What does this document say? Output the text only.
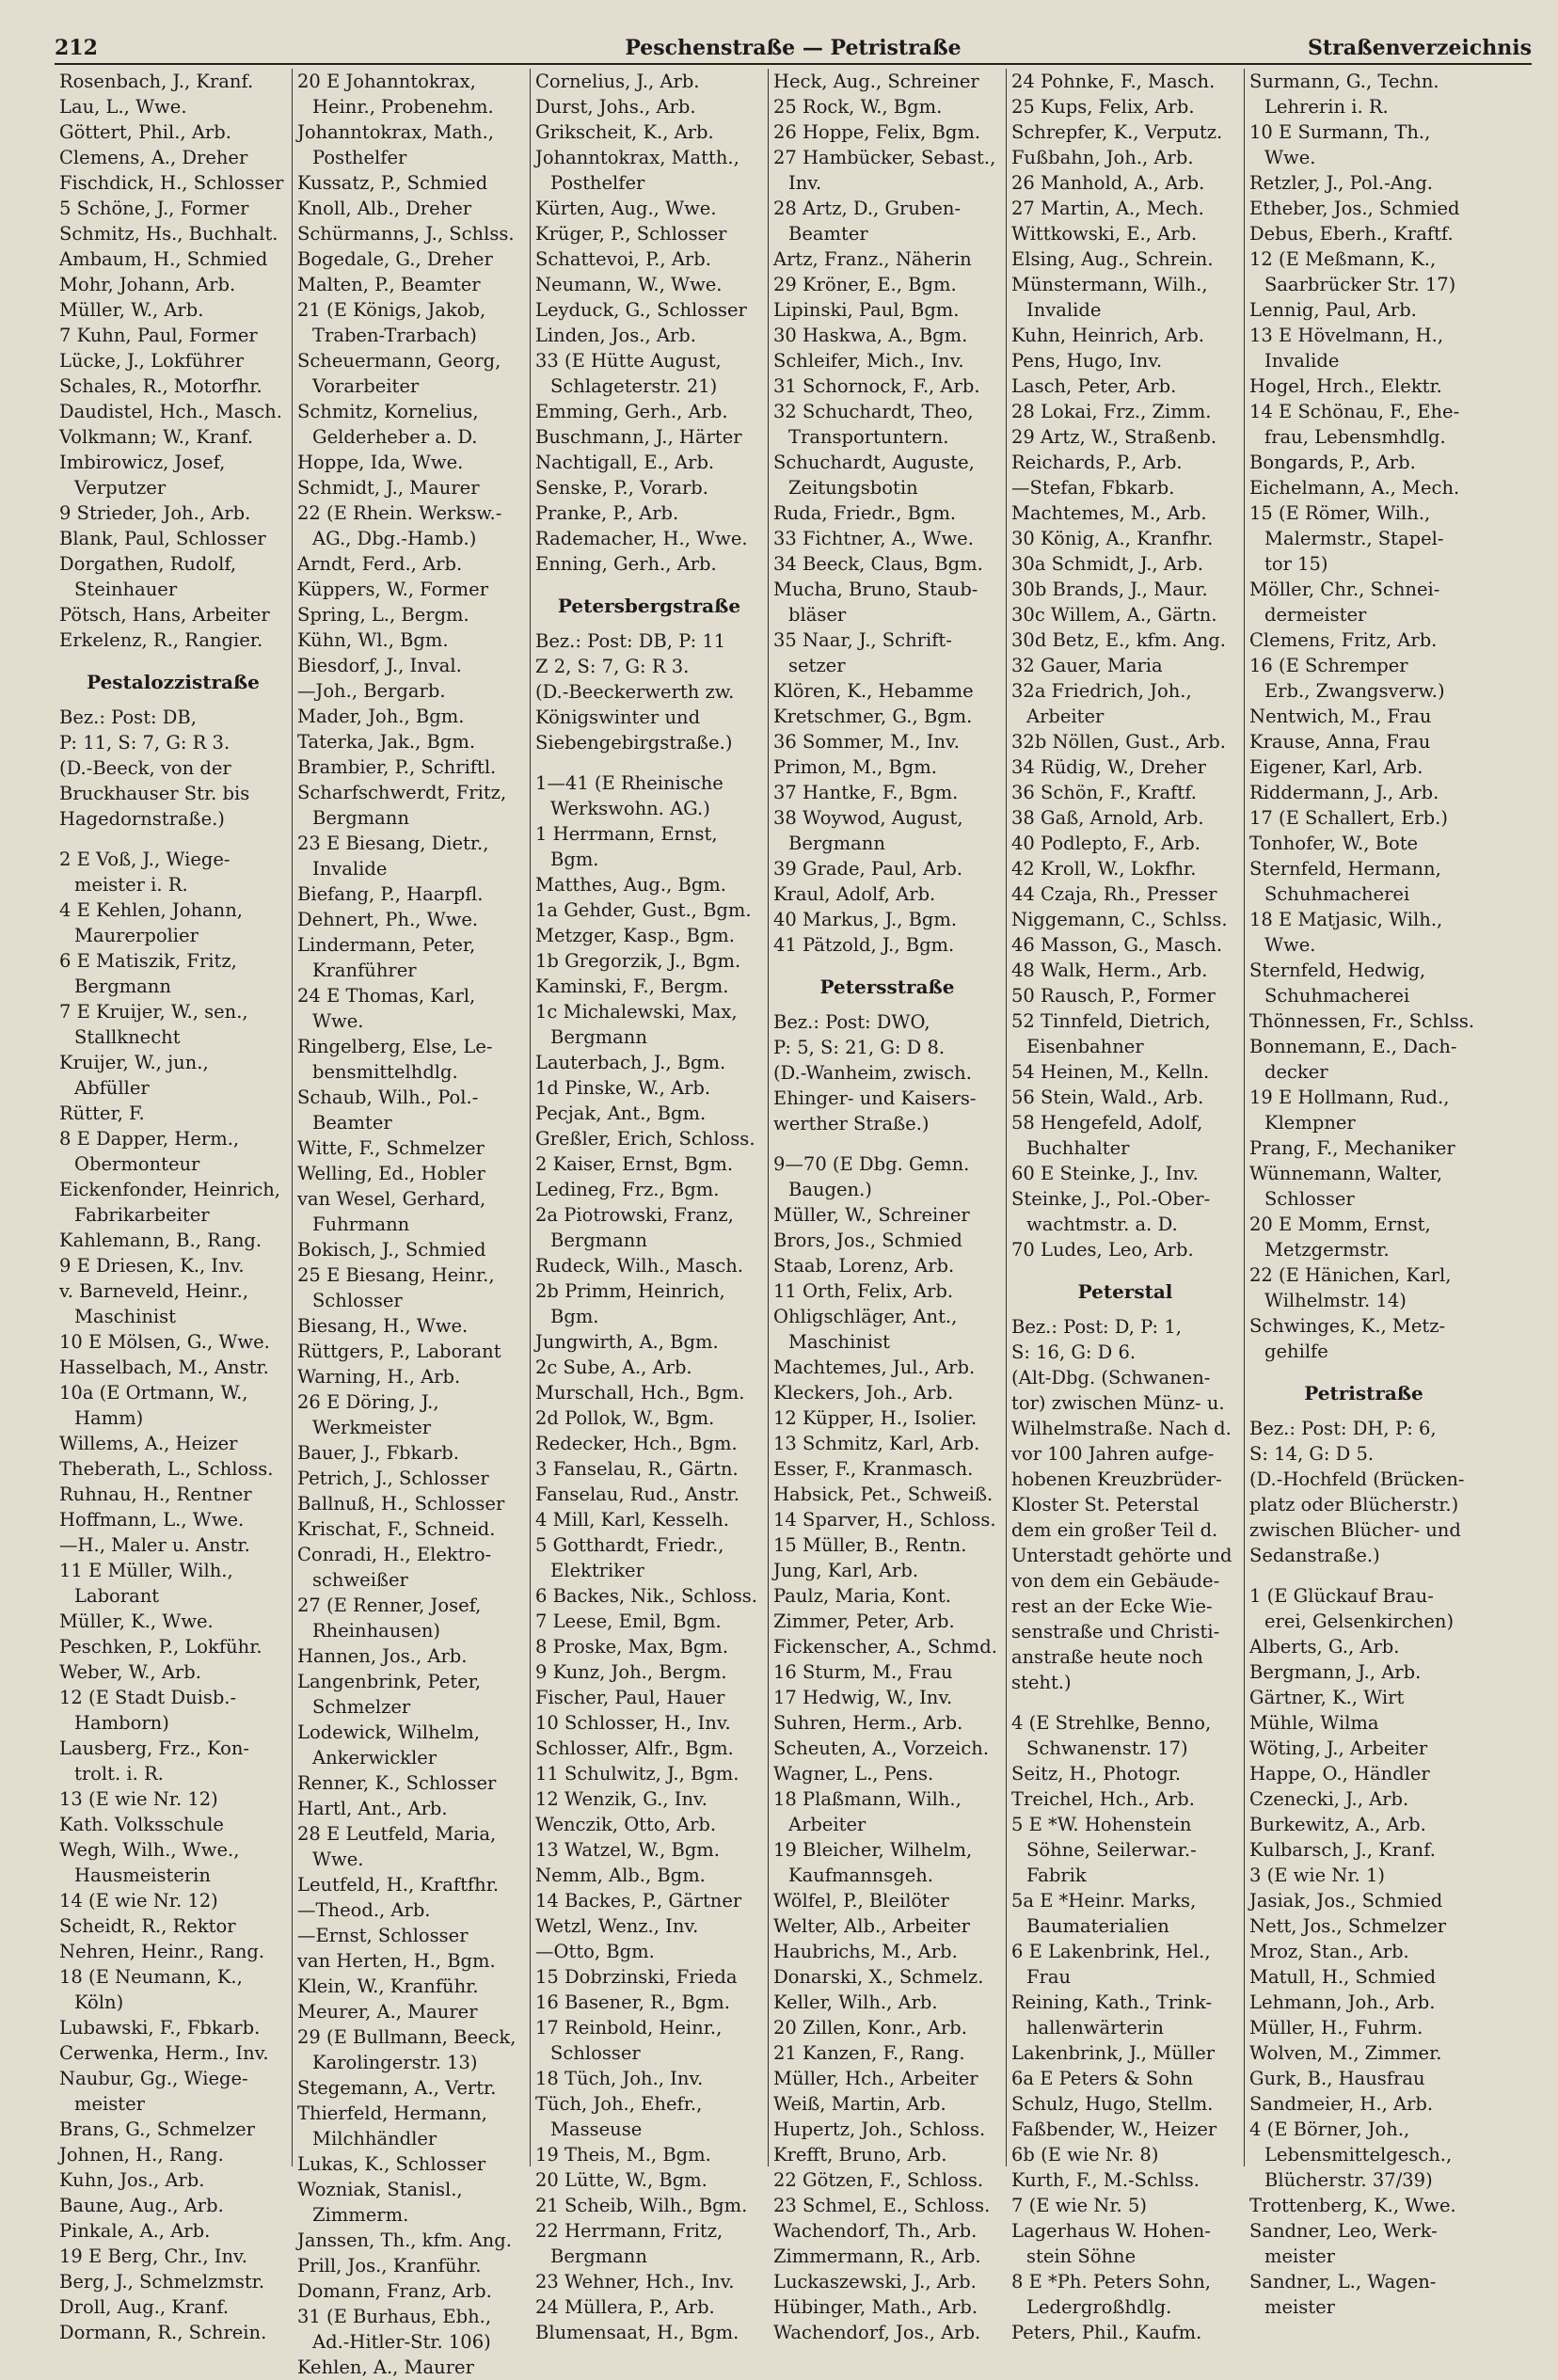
212	Peschenstraße — Petristraße	Straßenverzeichnis
Rosenbach, J., Kranf.
Lau, L., Wwe.
Göttert, Phil., Arb.
Clemens, A., Dreher
Fischdick, H., Schlosser
5 Schöne, J., Former
Schmitz, Hs., Buchhalt.
Ambaum, H., Schmied
Mohr, Johann, Arb.
Müller, W., Arb.
7 Kuhn, Paul, Former
Lücke, J., Lokführer
Schales, R., Motorfhr.
Daudistel, Hch., Masch.
Volkmann; W., Kranf.
Imbirowicz, Josef,
Verputzer
9 Strieder, Joh., Arb.
Blank, Paul, Schlosser
Dorgathen, Rudolf,
Steinhauer
Pötsch, Hans, Arbeiter
Erkelenz, R., Rangier.
Pestalozzistraße
Bez.: Post: DB,
P: 11, S: 7, G: R 3.
(D.-Beeck, von der
Bruckhauser Str. bis
Hagedornstraße.)
2 E Voß, J., Wiege-
meister i. R.
4 E Kehlen, Johann,
Maurerpolier
6 E Matiszik, Fritz,
Bergmann
7 E Kruijer, W., sen.,
Stallknecht
Kruijer, W., jun.,
Abfüller
Rütter, F.
8 E Dapper, Herm.,
Obermonteur
Eickenfonder, Heinrich,
Fabrikarbeiter
Kahlemann, B., Rang.
9 E Driesen, K., Inv.
v. Barneveld, Heinr.,
Maschinist
10 E Mölsen, G., Wwe.
Hasselbach, M., Anstr.
10a (E Ortmann, W.,
Hamm)
Willems, A., Heizer
Theberath, L., Schloss.
Ruhnau, H., Rentner
Hoffmann, L., Wwe.
—H., Maler u. Anstr.
11 E Müller, Wilh.,
Laborant
Müller, K., Wwe.
Peschken, P., Lokführ.
Weber, W., Arb.
12 (E Stadt Duisb.-
Hamborn)
Lausberg, Frz., Kon-
trolt. i. R.
13 (E wie Nr. 12)
Kath. Volksschule
Wegh, Wilh., Wwe.,
Hausmeisterin
14 (E wie Nr. 12)
Scheidt, R., Rektor
Nehren, Heinr., Rang.
18 (E Neumann, K.,
Köln)
Lubawski, F., Fbkarb.
Cerwenka, Herm., Inv.
Naubur, Gg., Wiege-
meister
Brans, G., Schmelzer
Johnen, H., Rang.
Kuhn, Jos., Arb.
Baune, Aug., Arb.
Pinkale, A., Arb.
19 E Berg, Chr., Inv.
Berg, J., Schmelzmstr.
Droll, Aug., Kranf.
Dormann, R., Schrein.
20 E Johanntokrax,
Heinr., Probenehm.
Johanntokrax, Math.,
Posthelfer
Kussatz, P., Schmied
Knoll, Alb., Dreher
Schürmanns, J., Schlss.
Bogedale, G., Dreher
Malten, P., Beamter
21 (E Königs, Jakob,
Traben-Trarbach)
Scheuermann, Georg,
Vorarbeiter
Schmitz, Kornelius,
Gelderheber a. D.
Hoppe, Ida, Wwe.
Schmidt, J., Maurer
22 (E Rhein. Werksw.-
AG., Dbg.-Hamb.)
Arndt, Ferd., Arb.
Küppers, W., Former
Spring, L., Bergm.
Kühn, Wl., Bgm.
Biesdorf, J., Inval.
—Joh., Bergarb.
Mader, Joh., Bgm.
Taterka, Jak., Bgm.
Brambier, P., Schriftl.
Scharfschwerdt, Fritz,
Bergmann
23 E Biesang, Dietr.,
Invalide
Biefang, P., Haarpfl.
Dehnert, Ph., Wwe.
Lindermann, Peter,
Kranführer
24 E Thomas, Karl,
Wwe.
Ringelberg, Else, Le-
bensmittelhdlg.
Schaub, Wilh., Pol.-
Beamter
Witte, F., Schmelzer
Welling, Ed., Hobler
van Wesel, Gerhard,
Fuhrmann
Bokisch, J., Schmied
25 E Biesang, Heinr.,
Schlosser
Biesang, H., Wwe.
Rüttgers, P., Laborant
Warning, H., Arb.
26 E Döring, J.,
Werkmeister
Bauer, J., Fbkarb.
Petrich, J., Schlosser
Ballnuß, H., Schlosser
Krischat, F., Schneid.
Conradi, H., Elektro-
schweißer
27 (E Renner, Josef,
Rheinhausen)
Hannen, Jos., Arb.
Langenbrink, Peter,
Schmelzer
Lodewick, Wilhelm,
Ankerwickler
Renner, K., Schlosser
Hartl, Ant., Arb.
28 E Leutfeld, Maria,
Wwe.
Leutfeld, H., Kraftfhr.
—Theod., Arb.
—Ernst, Schlosser
van Herten, H., Bgm.
Klein, W., Kranführ.
Meurer, A., Maurer
29 (E Bullmann, Beeck,
Karolingerstr. 13)
Stegemann, A., Vertr.
Thierfeld, Hermann,
Milchhändler
Lukas, K., Schlosser
Wozniak, Stanisl.,
Zimmerm.
Janssen, Th., kfm. Ang.
Prill, Jos., Kranführ.
Domann, Franz, Arb.
31 (E Burhaus, Ebh.,
Ad.-Hitler-Str. 106)
Kehlen, A., Maurer
Cornelius, J., Arb.
Durst, Johs., Arb.
Grikscheit, K., Arb.
Johanntokrax, Matth.,
Posthelfer
Kürten, Aug., Wwe.
Krüger, P., Schlosser
Schattevoi, P., Arb.
Neumann, W., Wwe.
Leyduck, G., Schlosser
Linden, Jos., Arb.
33 (E Hütte August,
Schlageterstr. 21)
Emming, Gerh., Arb.
Buschmann, J., Härter
Nachtigall, E., Arb.
Senske, P., Vorarb.
Pranke, P., Arb.
Rademacher, H., Wwe.
Enning, Gerh., Arb.
Petersbergstraße
Bez.: Post: DB, P: 11
Z 2, S: 7, G: R 3.
(D.-Beeckerwerth zw.
Königswinter und
Siebengebirgstraße.)
1—41 (E Rheinische
Werkswohn. AG.)
1 Herrmann, Ernst,
Bgm.
Matthes, Aug., Bgm.
1a Gehder, Gust., Bgm.
Metzger, Kasp., Bgm.
1b Gregorzik, J., Bgm.
Kaminski, F., Bergm.
1c Michalewski, Max,
Bergmann
Lauterbach, J., Bgm.
1d Pinske, W., Arb.
Pecjak, Ant., Bgm.
Greßler, Erich, Schloss.
2 Kaiser, Ernst, Bgm.
Ledineg, Frz., Bgm.
2a Piotrowski, Franz,
Bergmann
Rudeck, Wilh., Masch.
2b Primm, Heinrich,
Bgm.
Jungwirth, A., Bgm.
2c Sube, A., Arb.
Murschall, Hch., Bgm.
2d Pollok, W., Bgm.
Redecker, Hch., Bgm.
3 Fanselau, R., Gärtn.
Fanselau, Rud., Anstr.
4 Mill, Karl, Kesselh.
5 Gotthardt, Friedr.,
Elektriker
6 Backes, Nik., Schloss.
7 Leese, Emil, Bgm.
8 Proske, Max, Bgm.
9 Kunz, Joh., Bergm.
Fischer, Paul, Hauer
10 Schlosser, H., Inv.
Schlosser, Alfr., Bgm.
11 Schulwitz, J., Bgm.
12 Wenzik, G., Inv.
Wenczik, Otto, Arb.
13 Watzel, W., Bgm.
Nemm, Alb., Bgm.
14 Backes, P., Gärtner
Wetzl, Wenz., Inv.
—Otto, Bgm.
15 Dobrzinski, Frieda
16 Basener, R., Bgm.
17 Reinbold, Heinr.,
Schlosser
18 Tüch, Joh., Inv.
Tüch, Joh., Ehefr.,
Masseuse
19 Theis, M., Bgm.
20 Lütte, W., Bgm.
21 Scheib, Wilh., Bgm.
22 Herrmann, Fritz,
Bergmann
23 Wehner, Hch., Inv.
24 Müllera, P., Arb.
Blumensaat, H., Bgm.
Heck, Aug., Schreiner
25 Rock, W., Bgm.
26 Hoppe, Felix, Bgm.
27 Hambücker, Sebast.,
Inv.
28 Artz, D., Gruben-
Beamter
Artz, Franz., Näherin
29 Kröner, E., Bgm.
Lipinski, Paul, Bgm.
30 Haskwa, A., Bgm.
Schleifer, Mich., Inv.
31 Schornock, F., Arb.
32 Schuchardt, Theo,
Transportuntern.
Schuchardt, Auguste,
Zeitungsbotin
Ruda, Friedr., Bgm.
33 Fichtner, A., Wwe.
34 Beeck, Claus, Bgm.
Mucha, Bruno, Staub-
bläser
35 Naar, J., Schrift-
setzer
Klören, K., Hebamme
Kretschmer, G., Bgm.
36 Sommer, M., Inv.
Primon, M., Bgm.
37 Hantke, F., Bgm.
38 Woywod, August,
Bergmann
39 Grade, Paul, Arb.
Kraul, Adolf, Arb.
40 Markus, J., Bgm.
41 Pätzold, J., Bgm.
Petersstraße
Bez.: Post: DWO,
P: 5, S: 21, G: D 8.
(D.-Wanheim, zwisch.
Ehinger- und Kaisers-
werther Straße.)
9—70 (E Dbg. Gemn.
Baugen.)
Müller, W., Schreiner
Brors, Jos., Schmied
Staab, Lorenz, Arb.
11 Orth, Felix, Arb.
Ohligschläger, Ant.,
Maschinist
Machtemes, Jul., Arb.
Kleckers, Joh., Arb.
12 Küpper, H., Isolier.
13 Schmitz, Karl, Arb.
Esser, F., Kranmasch.
Habsick, Pet., Schweiß.
14 Sparver, H., Schloss.
15 Müller, B., Rentn.
Jung, Karl, Arb.
Paulz, Maria, Kont.
Zimmer, Peter, Arb.
Fickenscher, A., Schmd.
16 Sturm, M., Frau
17 Hedwig, W., Inv.
Suhren, Herm., Arb.
Scheuten, A., Vorzeich.
Wagner, L., Pens.
18 Plaßmann, Wilh.,
Arbeiter
19 Bleicher, Wilhelm,
Kaufmannsgeh.
Wölfel, P., Bleilöter
Welter, Alb., Arbeiter
Haubrichs, M., Arb.
Donarski, X., Schmelz.
Keller, Wilh., Arb.
20 Zillen, Konr., Arb.
21 Kanzen, F., Rang.
Müller, Hch., Arbeiter
Weiß, Martin, Arb.
Hupertz, Joh., Schloss.
Krefft, Bruno, Arb.
22 Götzen, F., Schloss.
23 Schmel, E., Schloss.
Wachendorf, Th., Arb.
Zimmermann, R., Arb.
Luckaszewski, J., Arb.
Hübinger, Math., Arb.
Wachendorf, Jos., Arb.
24 Pohnke, F., Masch.
25 Kups, Felix, Arb.
Schrepfer, K., Verputz.
Fußbahn, Joh., Arb.
26 Manhold, A., Arb.
27 Martin, A., Mech.
Wittkowski, E., Arb.
Elsing, Aug., Schrein.
Münstermann, Wilh.,
Invalide
Kuhn, Heinrich, Arb.
Pens, Hugo, Inv.
Lasch, Peter, Arb.
28 Lokai, Frz., Zimm.
29 Artz, W., Straßenb.
Reichards, P., Arb.
—Stefan, Fbkarb.
Machtemes, M., Arb.
30 König, A., Kranfhr.
30a Schmidt, J., Arb.
30b Brands, J., Maur.
30c Willem, A., Gärtn.
30d Betz, E., kfm. Ang.
32 Gauer, Maria
32a Friedrich, Joh.,
Arbeiter
32b Nöllen, Gust., Arb.
34 Rüdig, W., Dreher
36 Schön, F., Kraftf.
38 Gaß, Arnold, Arb.
40 Podlepto, F., Arb.
42 Kroll, W., Lokfhr.
44 Czaja, Rh., Presser
Niggemann, C., Schlss.
46 Masson, G., Masch.
48 Walk, Herm., Arb.
50 Rausch, P., Former
52 Tinnfeld, Dietrich,
Eisenbahner
54 Heinen, M., Kelln.
56 Stein, Wald., Arb.
58 Hengefeld, Adolf,
Buchhalter
60 E Steinke, J., Inv.
Steinke, J., Pol.-Ober-
wachtmstr. a. D.
70 Ludes, Leo, Arb.
Peterstal
Bez.: Post: D, P: 1,
S: 16, G: D 6.
(Alt-Dbg. (Schwanen-
tor) zwischen Münz- u.
Wilhelmstraße. Nach d.
vor 100 Jahren aufge-
hobenen Kreuzbrüder-
Kloster St. Peterstal
dem ein großer Teil d.
Unterstadt gehörte und
von dem ein Gebäude-
rest an der Ecke Wie-
senstraße und Christi-
anstraße heute noch
steht.)
4 (E Strehlke, Benno,
Schwanenstr. 17)
Seitz, H., Photogr.
Treichel, Hch., Arb.
5 E *W. Hohenstein
Söhne, Seilerwar.-
Fabrik
5a E *Heinr. Marks,
Baumaterialien
6 E Lakenbrink, Hel.,
Frau
Reining, Kath., Trink-
hallenwärterin
Lakenbrink, J., Müller
6a E Peters & Sohn
Schulz, Hugo, Stellm.
Faßbender, W., Heizer
6b (E wie Nr. 8)
Kurth, F., M.-Schlss.
7 (E wie Nr. 5)
Lagerhaus W. Hohen-
stein Söhne
8 E *Ph. Peters Sohn,
Ledergroßhdlg.
Peters, Phil., Kaufm.
Surmann, G., Techn.
Lehrerin i. R.
10 E Surmann, Th.,
Wwe.
Retzler, J., Pol.-Ang.
Etheber, Jos., Schmied
Debus, Eberh., Kraftf.
12 (E Meßmann, K.,
Saarbrücker Str. 17)
Lennig, Paul, Arb.
13 E Hövelmann, H.,
Invalide
Hogel, Hrch., Elektr.
14 E Schönau, F., Ehe-
frau, Lebensmhdlg.
Bongards, P., Arb.
Eichelmann, A., Mech.
15 (E Römer, Wilh.,
Malermstr., Stapel-
tor 15)
Möller, Chr., Schnei-
dermeister
Clemens, Fritz, Arb.
16 (E Schremper
Erb., Zwangsverw.)
Nentwich, M., Frau
Krause, Anna, Frau
Eigener, Karl, Arb.
Riddermann, J., Arb.
17 (E Schallert, Erb.)
Tonhofer, W., Bote
Sternfeld, Hermann,
Schuhmacherei
18 E Matjasic, Wilh.,
Wwe.
Sternfeld, Hedwig,
Schuhmacherei
Thönnessen, Fr., Schlss.
Bonnemann, E., Dach-
decker
19 E Hollmann, Rud.,
Klempner
Prang, F., Mechaniker
Wünnemann, Walter,
Schlosser
20 E Momm, Ernst,
Metzgermstr.
22 (E Hänichen, Karl,
Wilhelmstr. 14)
Schwinges, K., Metz-
gehilfe
Petristraße
Bez.: Post: DH, P: 6,
S: 14, G: D 5.
(D.-Hochfeld (Brücken-
platz oder Blücherstr.)
zwischen Blücher- und
Sedanstraße.)
1 (E Glückauf Brau-
erei, Gelsenkirchen)
Alberts, G., Arb.
Bergmann, J., Arb.
Gärtner, K., Wirt
Mühle, Wilma
Wöting, J., Arbeiter
Happe, O., Händler
Czenecki, J., Arb.
Burkewitz, A., Arb.
Kulbarsch, J., Kranf.
3 (E wie Nr. 1)
Jasiak, Jos., Schmied
Nett, Jos., Schmelzer
Mroz, Stan., Arb.
Matull, H., Schmied
Lehmann, Joh., Arb.
Müller, H., Fuhrm.
Wolven, M., Zimmer.
Gurk, B., Hausfrau
Sandmeier, H., Arb.
4 (E Börner, Joh.,
Lebensmittelgesch.,
Blücherstr. 37/39)
Trottenberg, K., Wwe.
Sandner, Leo, Werk-
meister
Sandner, L., Wagen-
meister
